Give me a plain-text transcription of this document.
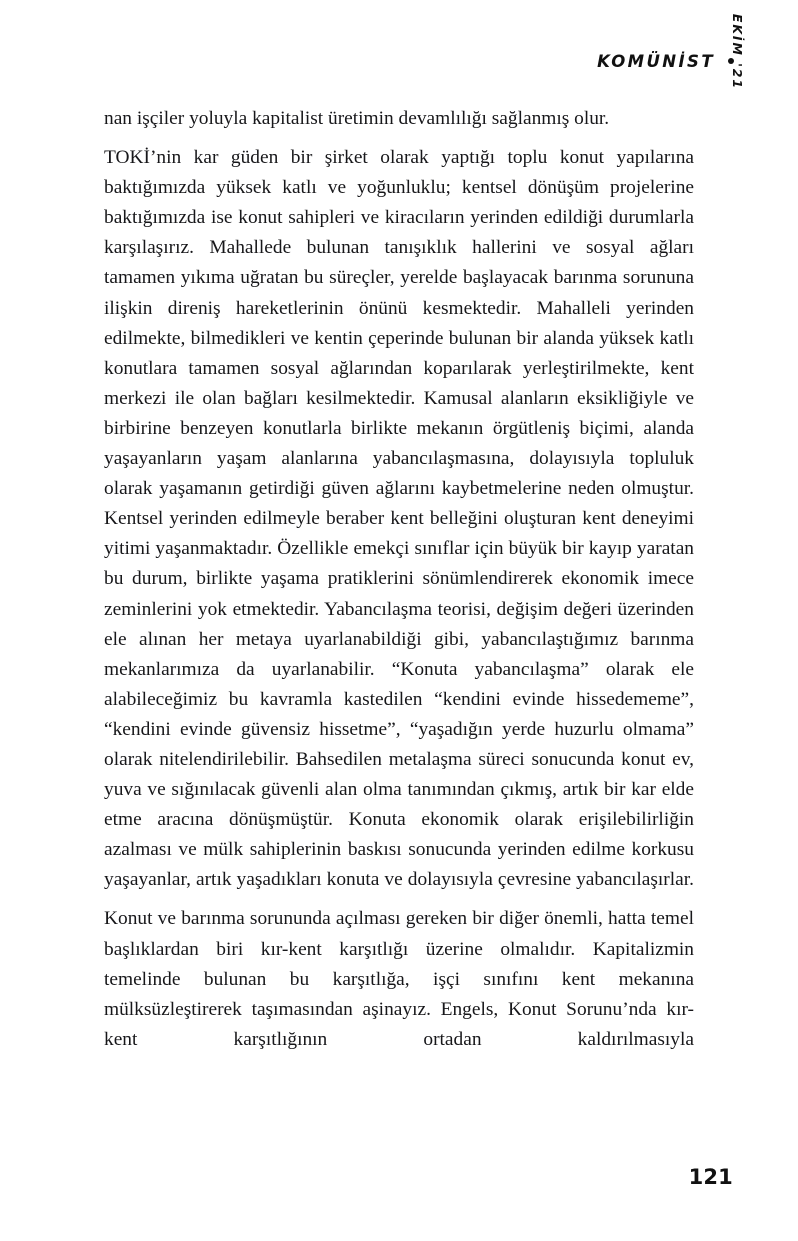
KOMÜNİST EKİM '21

nan işçiler yoluyla kapitalist üretimin devamlılığı sağlanmış olur.

TOKİ’nin kar güden bir şirket olarak yaptığı toplu konut yapılarına baktığımızda yüksek katlı ve yoğunluklu; kentsel dönüşüm projelerine baktığımızda ise konut sahipleri ve kiracıların yerinden edildiği durumlarla karşılaşırız. Mahallede bulunan tanışıklık hallerini ve sosyal ağları tamamen yıkıma uğratan bu süreçler, yerelde başlayacak barınma sorununa ilişkin direniş hareketlerinin önünü kesmektedir. Mahalleli yerinden edilmekte, bilmedikleri ve kentin çeperinde bulunan bir alanda yüksek katlı konutlara tamamen sosyal ağlarından koparılarak yerleştirilmekte, kent merkezi ile olan bağları kesilmektedir. Kamusal alanların eksikliğiyle ve birbirine benzeyen konutlarla birlikte mekanın örgütleniş biçimi, alanda yaşayanların yaşam alanlarına yabancılaşmasına, dolayısıyla topluluk olarak yaşamanın getirdiği güven ağlarını kaybetmelerine neden olmuştur. Kentsel yerinden edilmeyle beraber kent belleğini oluşturan kent deneyimi yitimi yaşanmaktadır. Özellikle emekçi sınıflar için büyük bir kayıp yaratan bu durum, birlikte yaşama pratiklerini sönümlendirerek ekonomik imece zeminlerini yok etmektedir. Yabancılaşma teorisi, değişim değeri üzerinden ele alınan her metaya uyarlanabildiği gibi, yabancılaştığımız barınma mekanlarımıza da uyarlanabilir. “Konuta yabancılaşma” olarak ele alabileceğimiz bu kavramla kastedilen “kendini evinde hissedememe”, “kendini evinde güvensiz hissetme”, “yaşadığın yerde huzurlu olmama” olarak nitelendirilebilir. Bahsedilen metalaşma süreci sonucunda konut ev, yuva ve sığınılacak güvenli alan olma tanımından çıkmış, artık bir kar elde etme aracına dönüşmüştür. Konuta ekonomik olarak erişilebilirliğin azalması ve mülk sahiplerinin baskısı sonucunda yerinden edilme korkusu yaşayanlar, artık yaşadıkları konuta ve dolayısıyla çevresine yabancılaşırlar.

Konut ve barınma sorununda açılması gereken bir diğer önemli, hatta temel başlıklardan biri kır-kent karşıtlığı üzerine olmalıdır. Kapitalizmin temelinde bulunan bu karşıtlığa, işçi sınıfını kent mekanına mülksüzleştirerek taşımasından aşinayız. Engels, Konut Sorunu’nda kır-kent karşıtlığının ortadan kaldırılmasıyla

121
